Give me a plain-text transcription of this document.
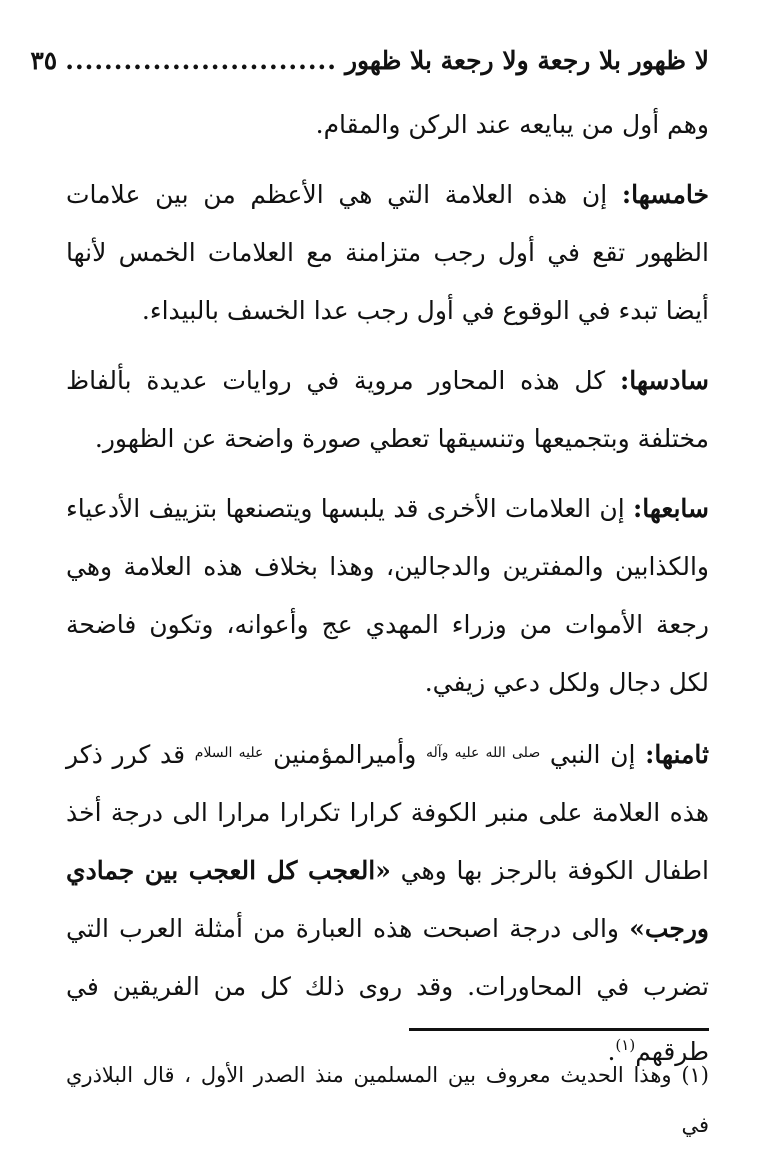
لا ظهور بلا رجعة ولا رجعة بلا ظهور
............................
٣٥

وهم أول من يبايعه عند الركن والمقام.

خامسها: إن هذه العلامة التي هي الأعظم من بين علامات الظهور تقع في أول رجب متزامنة مع العلامات الخمس لأنها أيضا تبدء في الوقوع في أول رجب عدا الخسف بالبيداء.

سادسها: كل هذه المحاور مروية في روايات عديدة بألفاظ مختلفة وبتجميعها وتنسيقها تعطي صورة واضحة عن الظهور.

سابعها: إن العلامات الأخرى قد يلبسها ويتصنعها بتزييف الأدعياء والكذابين والمفترين والدجالين، وهذا بخلاف هذه العلامة وهي رجعة الأموات من وزراء المهدي عج وأعوانه، وتكون فاضحة لكل دجال ولكل دعي زيفي.

ثامنها: إن النبي $^{صلى الله عليه وآله}$ وأميرالمؤمنين $^{عليه السلام}$ قد كرر ذكر هذه العلامة على منبر الكوفة كرارا تكرارا مرارا الى درجة أخذ اطفال الكوفة بالرجز بها وهي «العجب كل العجب بين جمادي ورجب» والى درجة اصبحت هذه العبارة من أمثلة العرب التي تضرب في المحاورات. وقد روى ذلك كل من الفريقين في طرقهم$^{(١)}$.

(١) وهذا الحديث معروف بين المسلمين منذ الصدر الأول ، قال البلاذري في
